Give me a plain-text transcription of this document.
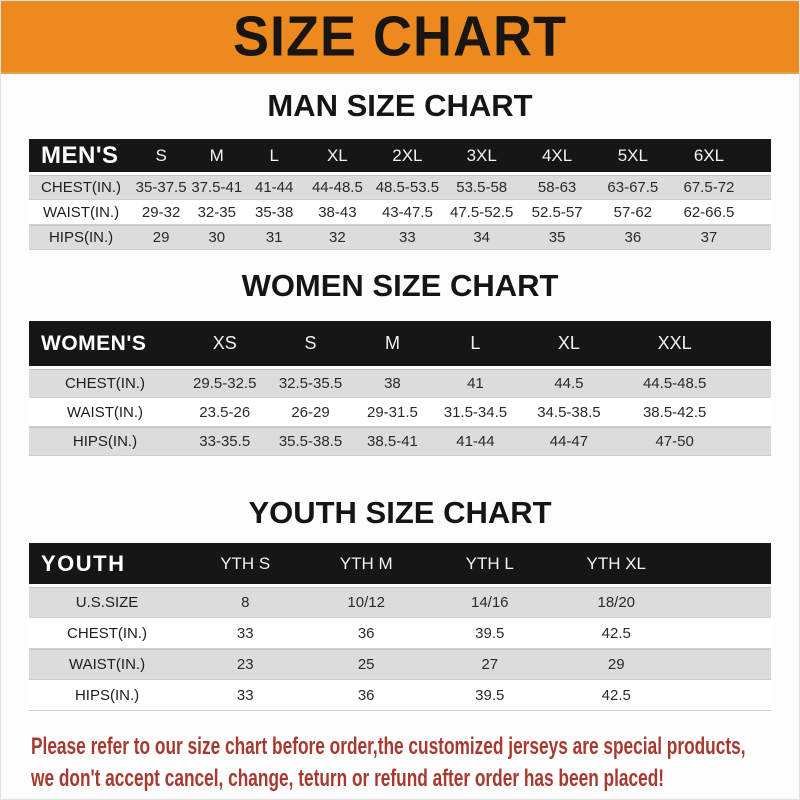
SIZE CHART
MAN SIZE CHART
MEN'S	S	M	L	XL	2XL	3XL	4XL	5XL	6XL
CHEST(IN.) 35-37.5 37.5-41 41-44	44-48.5 48.5-53.5	53.5-58	58-63	63-67.5	67.5-72
WAIST(IN.)	29-32	32-35	35-38	38-43	43-47.5	47.5-52.5	52.5-57	57-62	62-66.5
HIPS(IN.)	29	30	31	32	33	34	35	36	37
WOMEN SIZE CHART
WOMEN'S	XS	S	M	L	XL	XXL
CHEST(IN.)	29.5-32.5	32.5-35.5	38	41	44.5	44.5-48.5
WAIST(IN.)	23.5-26	26-29	29-31.5	31.5-34.5	34.5-38.5	38.5-42.5
HIPS(IN.)	33-35.5	35.5-38.5	38.5-41	41-44	44-47	47-50
YOUTH SIZE CHART
YOUTH	YTH S	YTH M	YTH L	YTH XL
U.S.SIZE	8	10/12	14/16	18/20
CHEST(IN.)	33	36	39.5	42.5
WAIST(IN.)	23	25	27	29
HIPS(IN.)	33	36	39.5	42.5
Please refer to our size chart before order,the customized jerseys are special products,
we don't accept cancel, change, teturn or refund after order has been placed!
